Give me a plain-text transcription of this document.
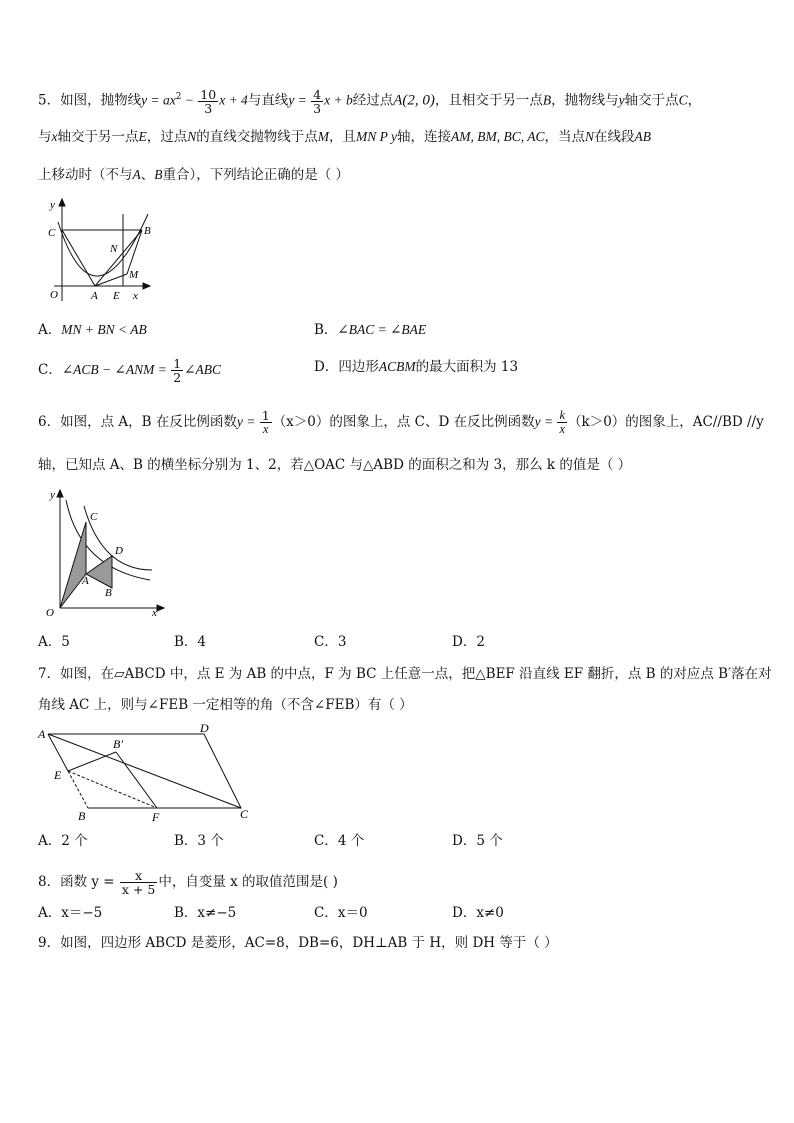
5．如图，抛物线$y = ax^2 - \frac{10}{3}$ x + 4与直线$y = \frac{4}{3}$ x + b经过点A(2, 0)，且相交于另一点B，抛物线与y轴交于点C，
与x轴交于另一点E，过点N的直线交抛物线于点M，且MN P y轴，连接AM, BM, BC, AC，当点N在线段AB
上移动时（不与A、B重合），下列结论正确的是（ ）
y
C	B
N
M
O	A E x
A．MN + BN < AB	B．∠BAC = ∠BAE
C．∠ACB − ∠ANM = $\frac{1}{2}$ ∠ABC	D．四边形ACBM的最大面积为 13
6．如图，点 A，B 在反比例函数$y = \frac{1}{x} (x>0)$的图象上，点 C、D 在反比例函数$y = \frac{k}{x} (k>0)$的图象上，AC//BD //y
轴，已知点 A、B 的横坐标分别为 1、2，若△OAC 与△ABD 的面积之和为 3，那么 k 的值是（ ）
y
C
D
A
B
O	x
A．5	B．4	C．3	D．2
7．如图，在▱ABCD 中，点 E 为 AB 的中点，F 为 BC 上任意一点，把△BEF 沿直线 EF 翻折，点 B 的对应点 B′落在对
角线 AC 上，则与∠FEB 一定相等的角（不含∠FEB）有（ ）
A	D
B′
E
B	F	C
A．2 个	B．3 个	C．4 个	D．5 个
8．函数 $y = \frac{x}{x + 5}$ 中，自变量 x 的取值范围是( )
A．x＝−5	B．x≠−5	C．x＝0	D．x≠0
9．如图，四边形 ABCD 是菱形，AC=8，DB=6，DH⊥AB 于 H，则 DH 等于（ ）
